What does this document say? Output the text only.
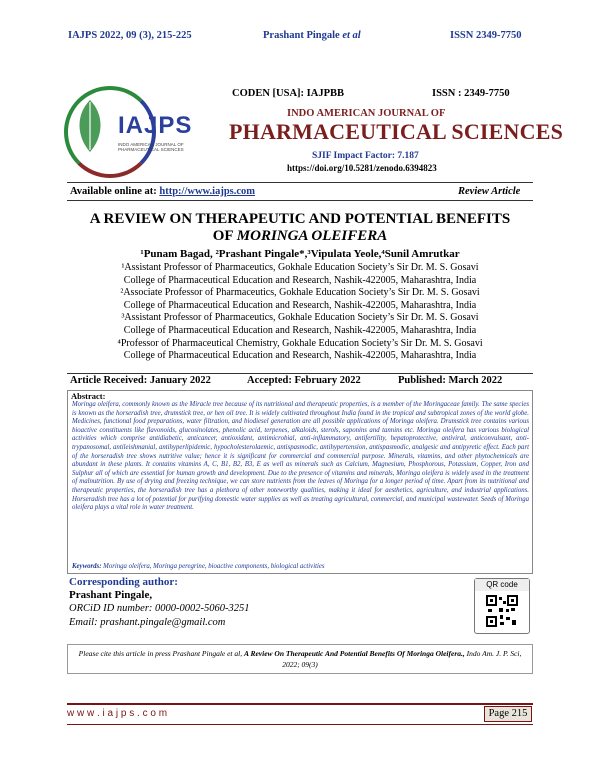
IAJPS 2022, 09 (3), 215-225	Prashant Pingale et al	ISSN 2349-7750
IAJPS
INDO AMERICAN JOURNAL OF PHARMACEUTICAL SCIENCES
CODEN [USA]: IAJPBB	ISSN : 2349-7750
INDO AMERICAN JOURNAL OF
PHARMACEUTICAL SCIENCES
SJIF Impact Factor: 7.187
https://doi.org/10.5281/zenodo.6394823
Available online at: http://www.iajps.com	Review Article
A REVIEW ON THERAPEUTIC AND POTENTIAL BENEFITS
OF MORINGA OLEIFERA
¹Punam Bagad, ²Prashant Pingale*,³Vipulata Yeole,⁴Sunil Amrutkar
¹Assistant Professor of Pharmaceutics, Gokhale Education Society’s Sir Dr. M. S. Gosavi
College of Pharmaceutical Education and Research, Nashik-422005, Maharashtra, India
²Associate Professor of Pharmaceutics, Gokhale Education Society’s Sir Dr. M. S. Gosavi
College of Pharmaceutical Education and Research, Nashik-422005, Maharashtra, India
³Assistant Professor of Pharmaceutics, Gokhale Education Society’s Sir Dr. M. S. Gosavi
College of Pharmaceutical Education and Research, Nashik-422005, Maharashtra, India
⁴Professor of Pharmaceutical Chemistry, Gokhale Education Society’s Sir Dr. M. S. Gosavi
College of Pharmaceutical Education and Research, Nashik-422005, Maharashtra, India
Article Received: January 2022	Accepted: February 2022	Published: March 2022
Abstract:
Moringa oleifera, commonly known as the Miracle tree because of its nutritional and therapeutic properties, is a member of the Moringaceae family. The same species is known as the horseradish tree, drumstick tree, or hen oil tree. It is widely cultivated throughout India found in the tropical and subtropical zones of the world globe. Medicines, functional food preparations, water filtration, and biodiesel generation are all possible applications of Moringa oleifera. Drumstick tree contains various bioactive constituents like flavonoids, glucosinolates, phenolic acid, terpenes, alkaloids, sterols, saponins and tannins etc. Moringa oleifera has various biological activities which comprise antidiabetic, anticancer, antioxidant, antimicrobial, anti-inflammatory, antifertility, hepatoprotective, antiviral, anticonvulsant, anti-trypanosomal, antileishmanial, antihyperlipidemic, hypocholesterolaemic, antispasmodic, antihypertension, antispasmodic, analgesic and antipyretic effect. Each part of the horseradish tree shows nutritive value; hence it is significant for commercial and commercial purpose. Minerals, vitamins, and other phytochemicals are abundant in these plants. It contains vitamins A, C, B1, B2, B3, E as well as minerals such as Calcium, Magnesium, Phosphorous, Potassium, Copper, Iron and Sulphur all of which are essential for human growth and development. Due to the presence of vitamins and minerals, Moringa oleifera is widely used in the treatment of malnutrition. By use of drying and freezing technique, we can store nutrients from the leaves of Moringa for a longer period of time. Apart from its nutritional and therapeutic properties, the horseradish tree has a plethora of other noteworthy qualities, making it ideal for aesthetics, agriculture, and industrial applications. Horseradish tree has a lot of potential for purifying domestic water supplies as well as treating agricultural, commercial, and municipal wastewater. Seeds of Moringa oleifera plays a vital role in water treatment.
Keywords: Moringa oleifera, Moringa peregrine, bioactive components, biological activities
Corresponding author:
Prashant Pingale,
ORCiD ID number: 0000-0002-5060-3251
Email: prashant.pingale@gmail.com
QR code
Please cite this article in press Prashant Pingale et al, A Review On Therapeutic And Potential Benefits Of Moringa Oleifera., Indo Am. J. P. Sci, 2022; 09(3)
w w w . i a j p s . c o m	Page 215
